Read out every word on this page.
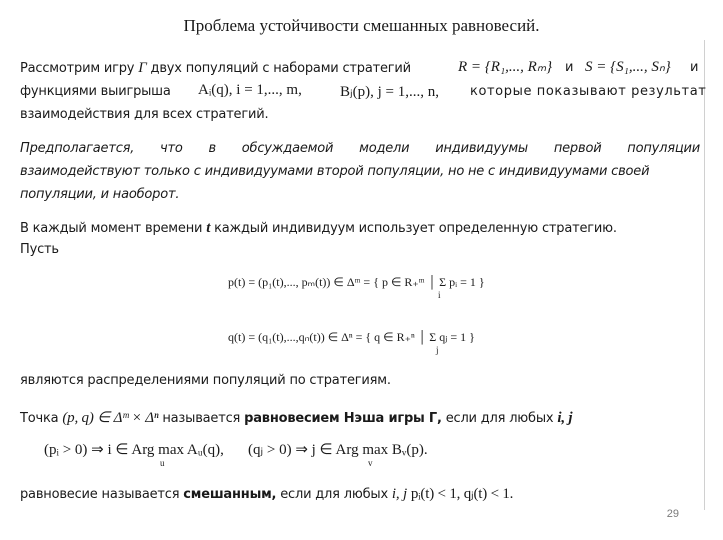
Проблема устойчивости смешанных равновесий.
Рассмотрим игру Γ двух популяций с наборами стратегий	R = {R₁,..., Rₘ} и S = {S₁,..., Sₙ} и
функциями выигрыша Aᵢ(q), i = 1,..., m,	Bⱼ(p), j = 1,..., n, которые показывают результат
взаимодействия для всех стратегий.
Предполагается, что в обсуждаемой модели индивидуумы первой популяции
взаимодействуют только с индивидуумами второй популяции, но не с индивидуумами своей
популяции, и наоборот.
В каждый момент времени t каждый индивидуум использует определенную стратегию.
Пусть
p(t) = (p₁(t),..., pₘ(t)) ∈ Δᵐ = { p ∈ R₊ᵐ │ Σ pᵢ = 1 }
i
q(t) = (q₁(t),...,qₙ(t)) ∈ Δⁿ = { q ∈ R₊ⁿ │ Σ qⱼ = 1 }
j
являются распределениями популяций по стратегиям.
Точка (p, q) ∈ Δᵐ × Δⁿ называется равновесием Нэша игры Γ, если для любых i, j
(pᵢ > 0) ⇒ i ∈ Arg max Aᵤ(q),
u
(qⱼ > 0) ⇒ j ∈ Arg max Bᵥ(p).
v
равновесие называется смешанным, если для любых i, j pᵢ(t) < 1, qⱼ(t) < 1.
29
